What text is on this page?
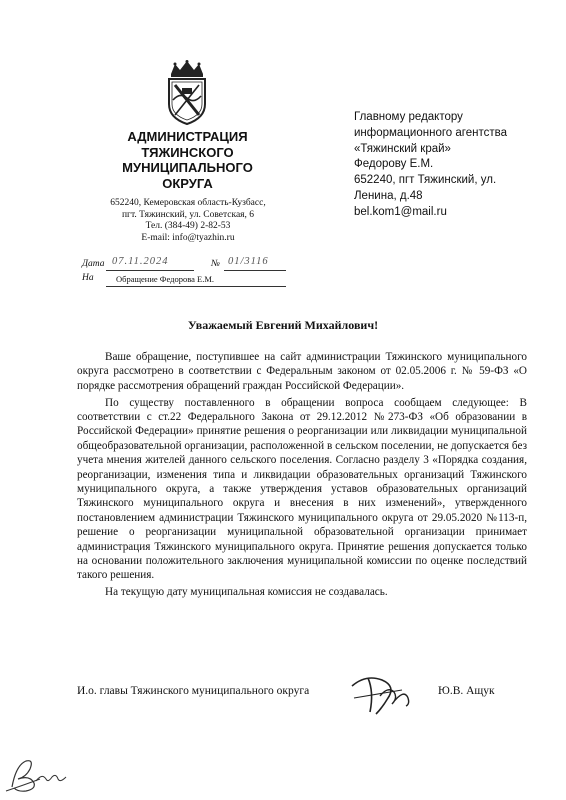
АДМИНИСТРАЦИЯ
ТЯЖИНСКОГО
МУНИЦИПАЛЬНОГО
ОКРУГА
652240, Кемеровская область-Кузбасс,
пгт. Тяжинский, ул. Советская, 6
Тел. (384-49) 2-82-53
E-mail: info@tyazhin.ru
Главному редактору
информационного агентства
«Тяжинский край»
Федорову Е.М.
652240, пгт Тяжинский, ул.
Ленина, д.48
bel.kom1@mail.ru
Дата 07.11.2024	№ 01/3116
На	Обращение Федорова Е.М.
Уважаемый Евгений Михайлович!

Ваше обращение, поступившее на сайт администрации Тяжинского муниципального округа рассмотрено в соответствии с Федеральным законом от 02.05.2006 г. № 59-ФЗ «О порядке рассмотрения обращений граждан Российской Федерации».

По существу поставленного в обращении вопроса сообщаем следующее: В соответствии с ст.22 Федерального Закона от 29.12.2012 №273-ФЗ «Об образовании в Российской Федерации» принятие решения о реорганизации или ликвидации муниципальной общеобразовательной организации, расположенной в сельском поселении, не допускается без учета мнения жителей данного сельского поселения. Согласно разделу 3 «Порядка создания, реорганизации, изменения типа и ликвидации образовательных организаций Тяжинского муниципального округа, а также утверждения уставов образовательных организаций Тяжинского муниципального округа и внесения в них изменений», утвержденного постановлением администрации Тяжинского муниципального округа от 29.05.2020 №113-п, решение о реорганизации муниципальной образовательной организации принимает администрация Тяжинского муниципального округа. Принятие решения допускается только на основании положительного заключения муниципальной комиссии по оценке последствий такого решения.

На текущую дату муниципальная комиссия не создавалась.

И.о. главы Тяжинского муниципального округа	Ю.В. Ащук
